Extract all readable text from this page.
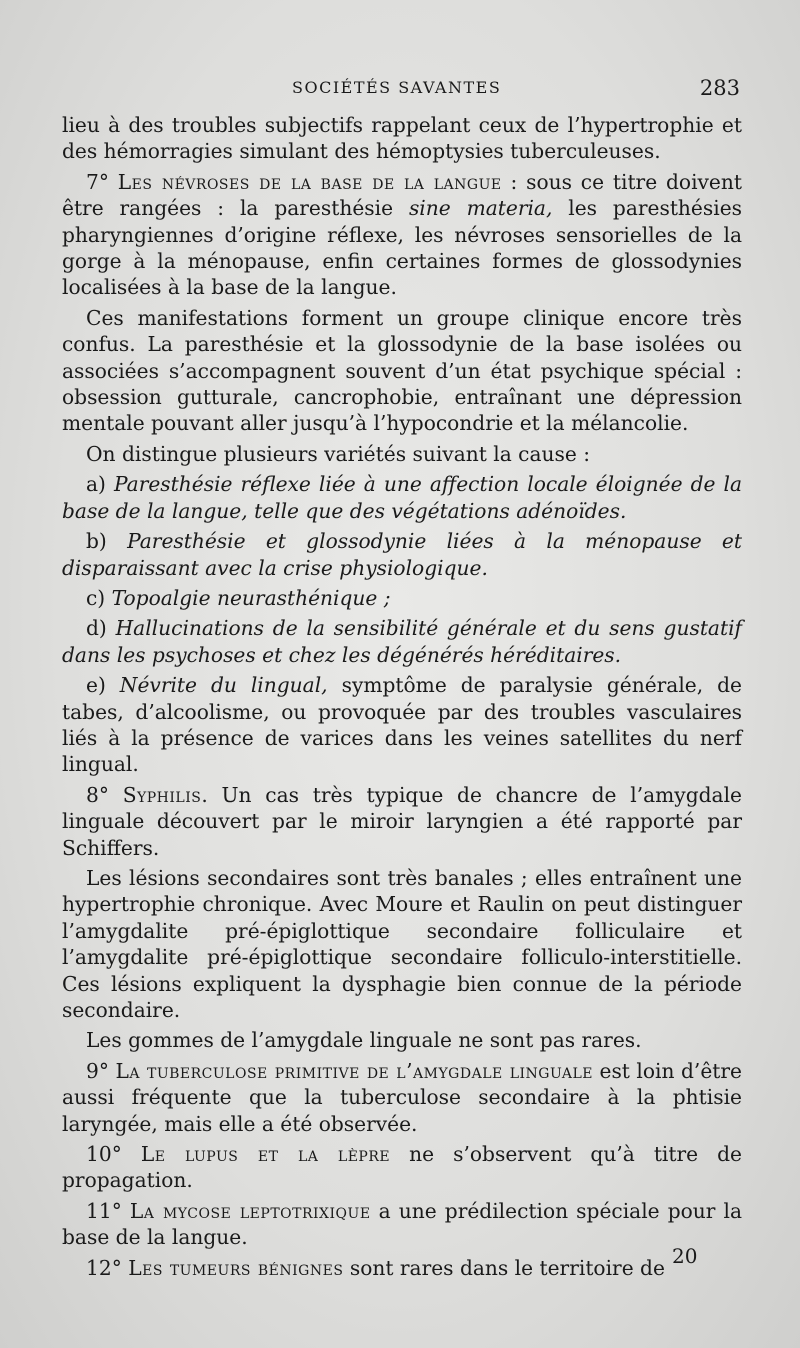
SOCIÉTÉS SAVANTES	283

lieu à des troubles subjectifs rappelant ceux de l’hypertrophie et des hémorragies simulant des hémoptysies tuberculeuses.

7° Les névroses de la base de la langue : sous ce titre doivent être rangées : la paresthésie sine materia, les paresthésies pharyngiennes d’origine réflexe, les névroses sensorielles de la gorge à la ménopause, enfin certaines formes de glossodynies localisées à la base de la langue.

Ces manifestations forment un groupe clinique encore très confus. La paresthésie et la glossodynie de la base isolées ou associées s’accompagnent souvent d’un état psychique spécial : obsession gutturale, cancrophobie, entraînant une dépression mentale pouvant aller jusqu’à l’hypocondrie et la mélancolie.

On distingue plusieurs variétés suivant la cause :

a) Paresthésie réflexe liée à une affection locale éloignée de la base de la langue, telle que des végétations adénoïdes.

b) Paresthésie et glossodynie liées à la ménopause et disparaissant avec la crise physiologique.

c) Topoalgie neurasthénique ;

d) Hallucinations de la sensibilité générale et du sens gustatif dans les psychoses et chez les dégénérés héréditaires.

e) Névrite du lingual, symptôme de paralysie générale, de tabes, d’alcoolisme, ou provoquée par des troubles vasculaires liés à la présence de varices dans les veines satellites du nerf lingual.

8° Syphilis. Un cas très typique de chancre de l’amygdale linguale découvert par le miroir laryngien a été rapporté par Schiffers.

Les lésions secondaires sont très banales ; elles entraînent une hypertrophie chronique. Avec Moure et Raulin on peut distinguer l’amygdalite pré-épiglottique secondaire folliculaire et l’amygdalite pré-épiglottique secondaire folliculo-interstitielle. Ces lésions expliquent la dysphagie bien connue de la période secondaire.

Les gommes de l’amygdale linguale ne sont pas rares.

9° La tuberculose primitive de l’amygdale linguale est loin d’être aussi fréquente que la tuberculose secondaire à la phtisie laryngée, mais elle a été observée.

10° Le lupus et la lèpre ne s’observent qu’à titre de propagation.

11° La mycose leptotrixique a une prédilection spéciale pour la base de la langue.

12° Les tumeurs bénignes sont rares dans le territoire de 20
